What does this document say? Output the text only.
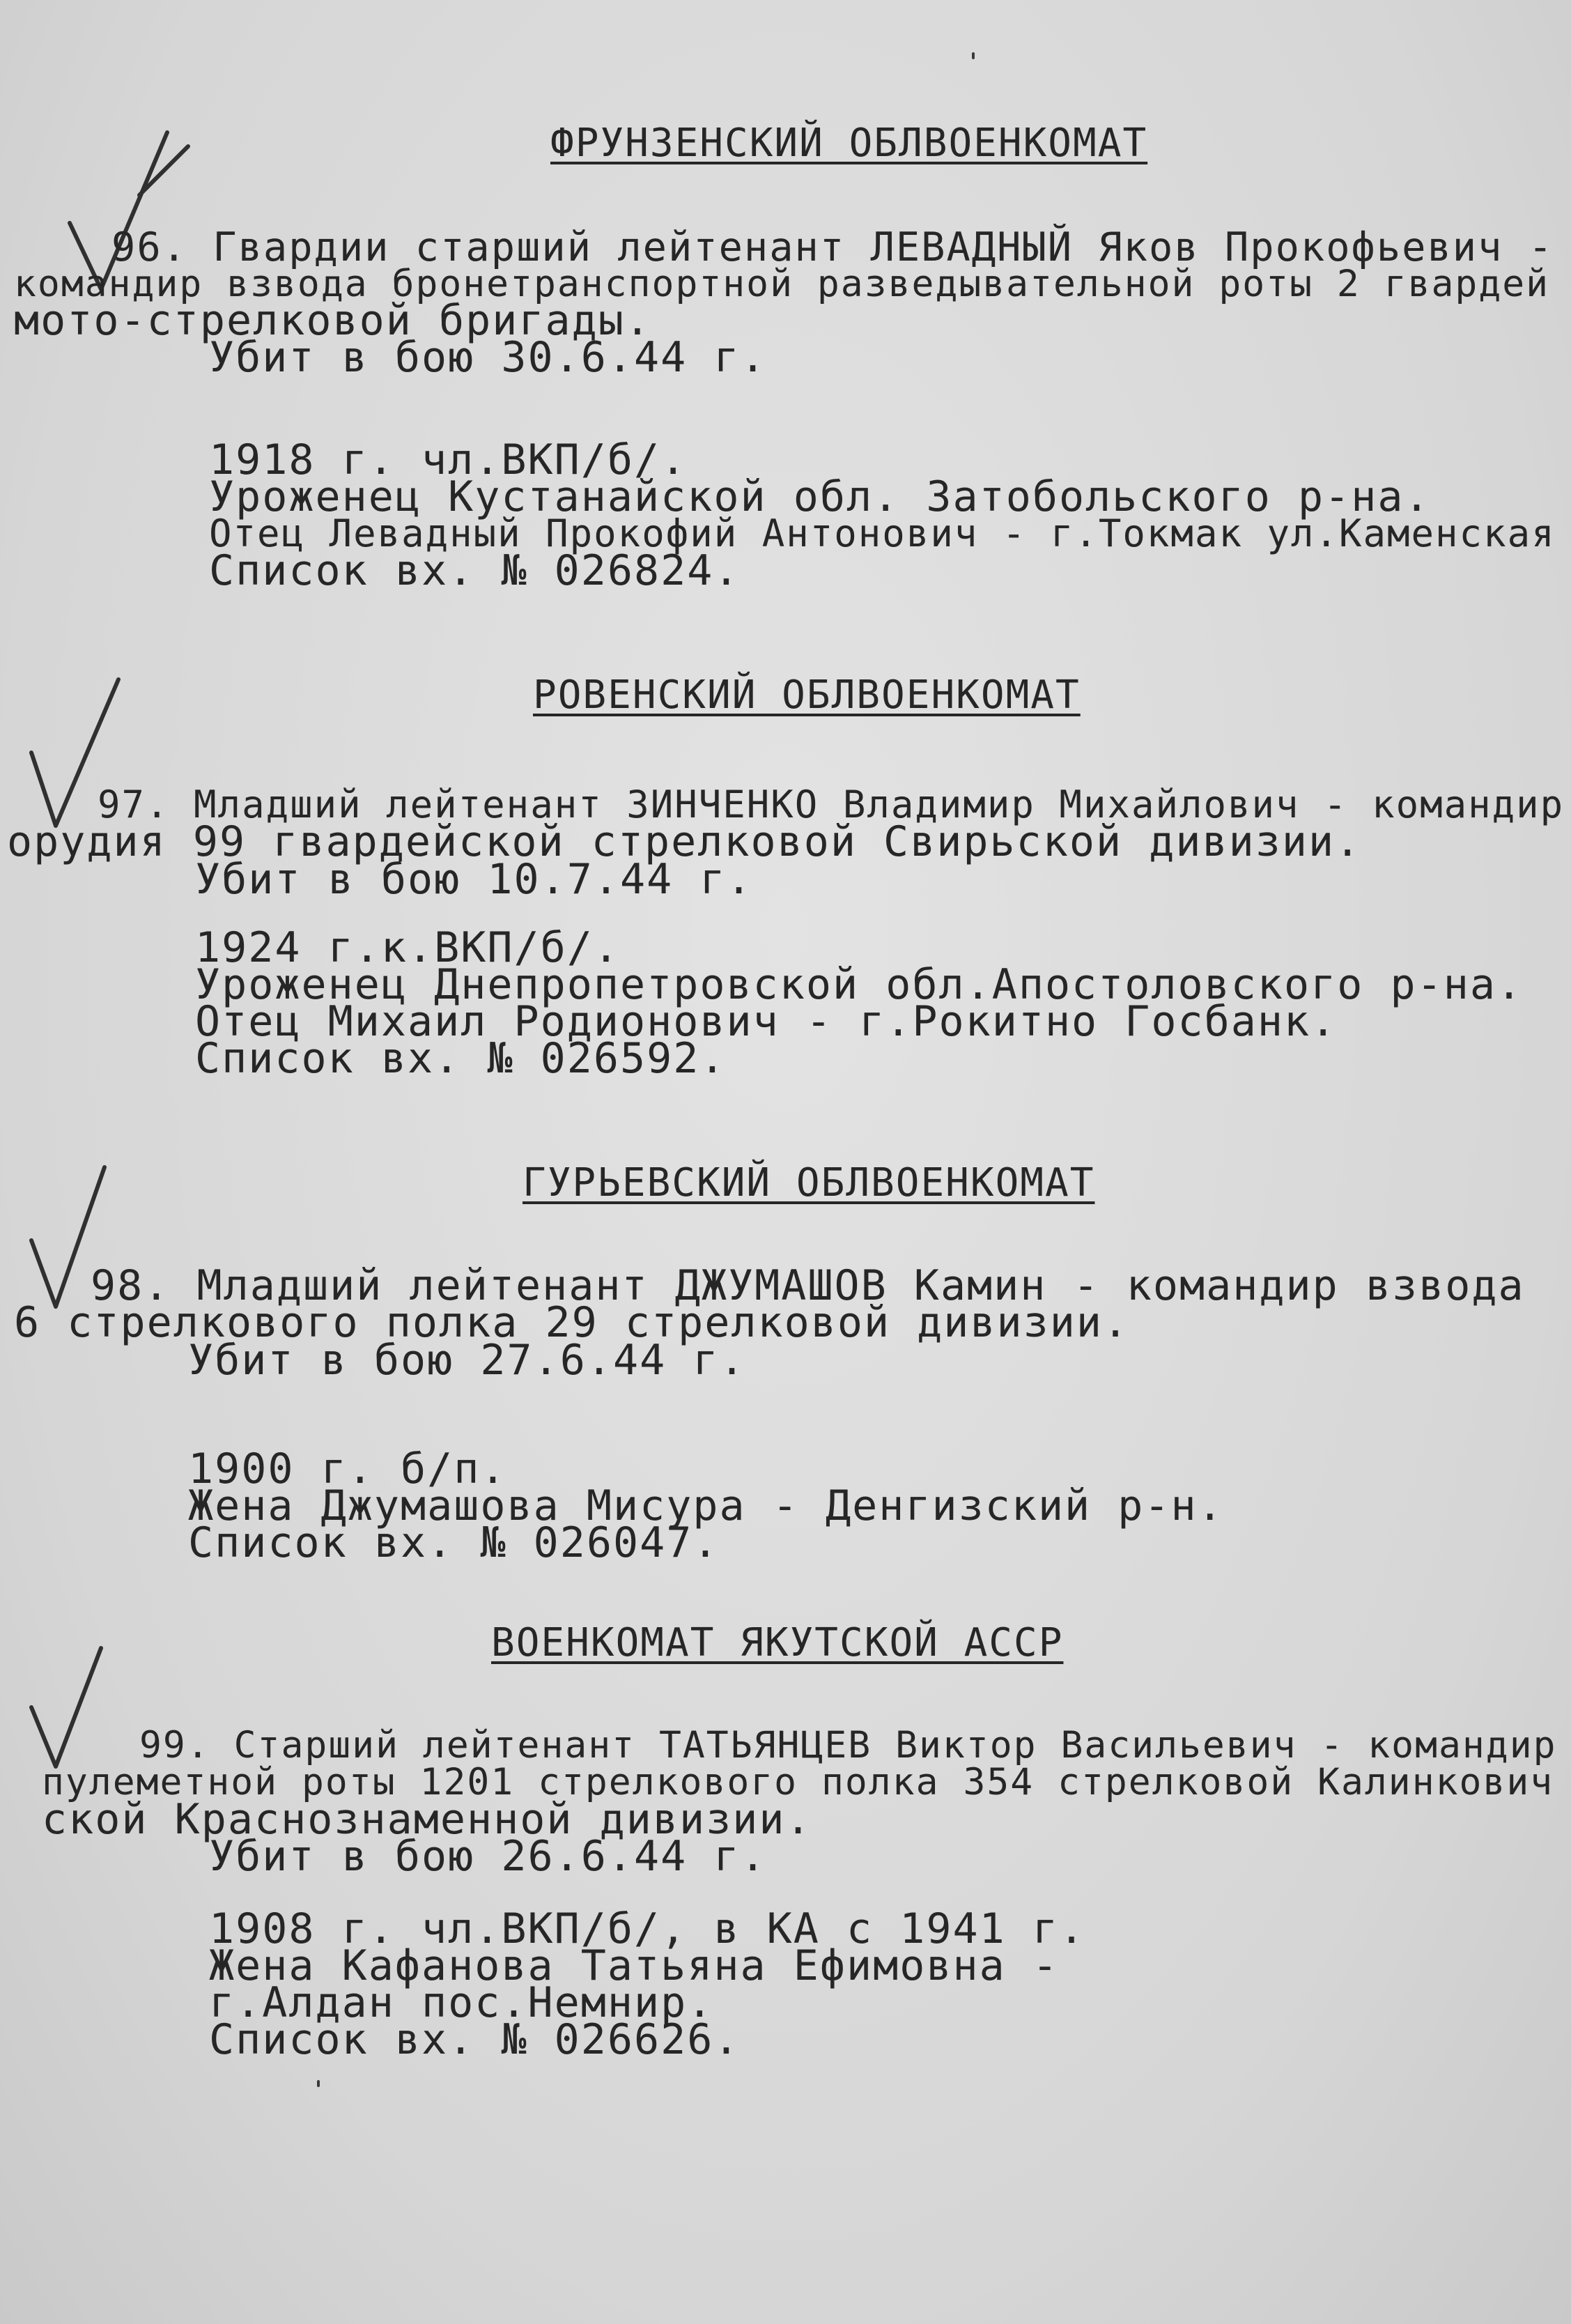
ФРУНЗЕНСКИЙ ОБЛВОЕНКОМАТ
96. Гвардии старший лейтенант ЛЕВАДНЫЙ Яков Прокофьевич -
командир взвода бронетранспортной разведывательной роты 2 гвардей
мото-стрелковой бригады.
Убит в бою 30.6.44 г.
1918 г. чл.ВКП/б/.
Уроженец Кустанайской обл. Затобольского р-на.
Отец Левадный Прокофий Антонович - г.Токмак ул.Каменская
Список вх. № 026824.
РОВЕНСКИЙ ОБЛВОЕНКОМАТ
97. Младший лейтенант ЗИНЧЕНКО Владимир Михайлович - командир
орудия 99 гвардейской стрелковой Свирьской дивизии.
Убит в бою 10.7.44 г.
1924 г.к.ВКП/б/.
Уроженец Днепропетровской обл.Апостоловского р-на.
Отец Михаил Родионович - г.Рокитно Госбанк.
Список вх. № 026592.
ГУРЬЕВСКИЙ ОБЛВОЕНКОМАТ
98. Младший лейтенант ДЖУМАШОВ Камин - командир взвода
6 стрелкового полка 29 стрелковой дивизии.
Убит в бою 27.6.44 г.
1900 г. б/п.
Жена Джумашова Мисура - Денгизский р-н.
Список вх. № 026047.
ВОЕНКОМАТ ЯКУТСКОЙ АССР
99. Старший лейтенант ТАТЬЯНЦЕВ Виктор Васильевич - командир
пулеметной роты 1201 стрелкового полка 354 стрелковой Калинкович
ской Краснознаменной дивизии.
Убит в бою 26.6.44 г.
1908 г. чл.ВКП/б/, в КА с 1941 г.
Жена Кафанова Татьяна Ефимовна -
г.Алдан пос.Немнир.
Список вх. № 026626.
